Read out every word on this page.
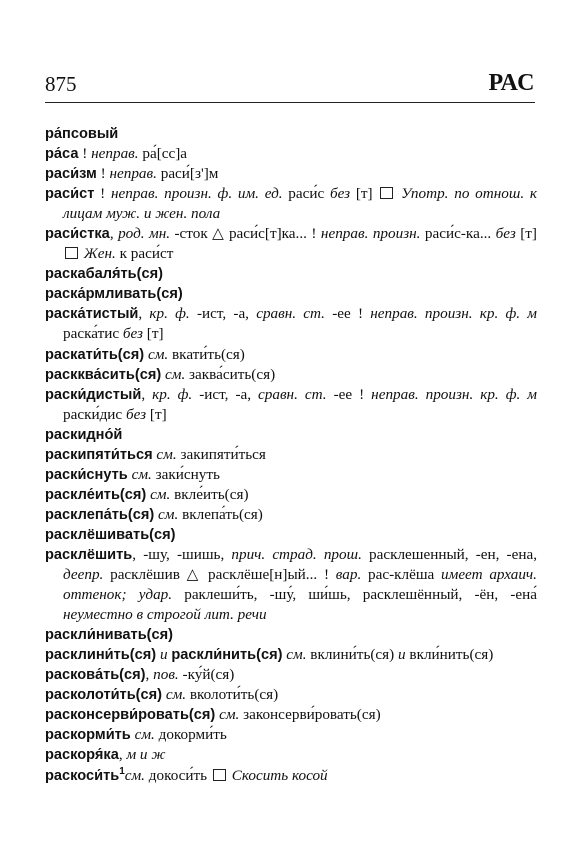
875	РАС

ра́псовый

ра́са ! неправ. ра́[сс]а

раси́зм ! неправ. раси́[з']м

раси́ст ! неправ. произн. ф. им. ед. раси́с без [т]  Употр. по отнош. к лицам муж. и жен. пола

раси́стка, род. мн. -сток △ раси́с[т]ка... ! неправ. произн. раси́с-ка... без [т]  Жен. к раси́ст

раскабаля́ть(ся)

раска́рмливать(ся)

раска́тистый, кр. ф. -ист, -а, сравн. ст. -ее ! неправ. произн. кр. ф. м раска́тис без [т]

раскати́ть(ся) см. вкати́ть(ся)

раскква́сить(ся) см. заква́сить(ся)

раски́дистый, кр. ф. -ист, -а, сравн. ст. -ее ! неправ. произн. кр. ф. м раски́дис без [т]

раскидно́й

раскипяти́ться см. закипяти́ться

раски́снуть см. заки́снуть

раскле́ить(ся) см. вкле́ить(ся)

расклепа́ть(ся) см. вклепа́ть(ся)

расклёшивать(ся)

расклёшить, -шу, -шишь, прич. страд. прош. расклешенный, -ен, -ена, деепр. расклёшив △ расклёше[н]ый... ! вар. рас-клёша имеет архаич. оттенок; удар. раклеши́ть, -шу́, ши́шь, расклешённый, -ён, -ена́ неуместно в строгой лит. речи

раскли́нивать(ся)

расклини́ть(ся) и раскли́нить(ся) см. вклини́ть(ся) и вкли́нить(ся)

раскова́ть(ся), пов. -ку́й(ся)

расколоти́ть(ся) см. вколоти́ть(ся)

расконсерви́ровать(ся) см. законсерви́ровать(ся)

раскорми́ть см. докорми́ть

раскоря́ка, м и ж

$раскоси́ть^1см$. докоси́ть  Скосить косой
